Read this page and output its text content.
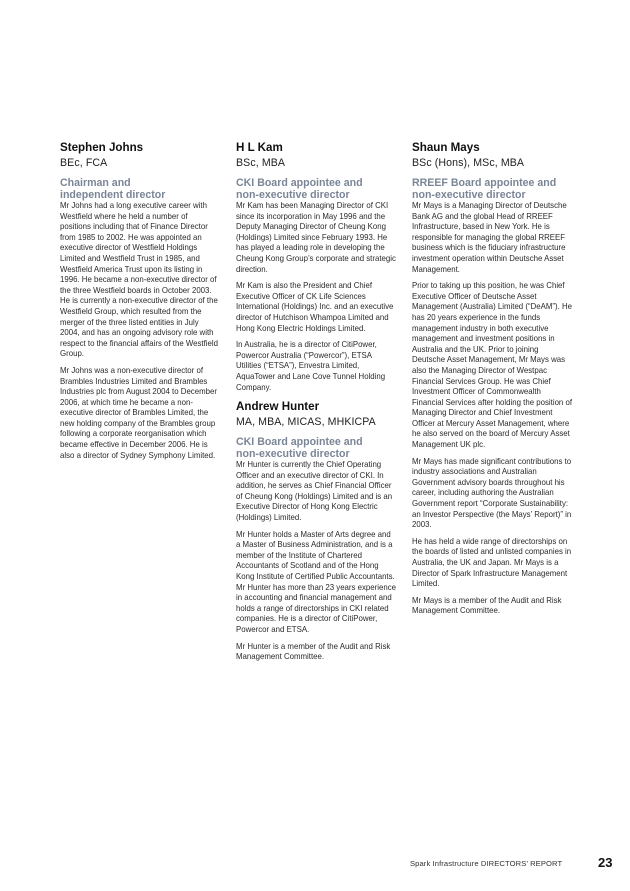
Stephen Johns
BEc, FCA
Chairman and
independent director

Mr Johns had a long executive career with Westfield where he held a number of positions including that of Finance Director from 1985 to 2002. He was appointed an executive director of Westfield Holdings Limited and Westfield Trust in 1985, and Westfield America Trust upon its listing in 1996. He became a non-executive director of the three Westfield boards in October 2003. He is currently a non-executive director of the Westfield Group, which resulted from the merger of the three listed entities in July 2004, and has an ongoing advisory role with respect to the financial affairs of the Westfield Group.

Mr Johns was a non-executive director of Brambles Industries Limited and Brambles Industries plc from August 2004 to December 2006, at which time he became a non-executive director of Brambles Limited, the new holding company of the Brambles group following a corporate reorganisation which became effective in December 2006. He is also a director of Sydney Symphony Limited.

H L Kam
BSc, MBA
CKI Board appointee and
non-executive director

Mr Kam has been Managing Director of CKI since its incorporation in May 1996 and the Deputy Managing Director of Cheung Kong (Holdings) Limited since February 1993. He has played a leading role in developing the Cheung Kong Group’s corporate and strategic direction.

Mr Kam is also the President and Chief Executive Officer of CK Life Sciences International (Holdings) Inc. and an executive director of Hutchison Whampoa Limited and Hong Kong Electric Holdings Limited.

In Australia, he is a director of CitiPower, Powercor Australia (“Powercor”), ETSA Utilities (“ETSA”), Envestra Limited, AquaTower and Lane Cove Tunnel Holding Company.

Andrew Hunter
MA, MBA, MICAS, MHKICPA
CKI Board appointee and
non-executive director

Mr Hunter is currently the Chief Operating Officer and an executive director of CKI. In addition, he serves as Chief Financial Officer of Cheung Kong (Holdings) Limited and is an Executive Director of Hong Kong Electric (Holdings) Limited.

Mr Hunter holds a Master of Arts degree and a Master of Business Administration, and is a member of the Institute of Chartered Accountants of Scotland and of the Hong Kong Institute of Certified Public Accountants. Mr Hunter has more than 23 years experience in accounting and financial management and holds a range of directorships in CKI related companies. He is a director of CitiPower, Powercor and ETSA.

Mr Hunter is a member of the Audit and Risk Management Committee.

Shaun Mays
BSc (Hons), MSc, MBA
RREEF Board appointee and
non-executive director

Mr Mays is a Managing Director of Deutsche Bank AG and the global Head of RREEF Infrastructure, based in New York. He is responsible for managing the global RREEF business which is the fiduciary infrastructure investment operation within Deutsche Asset Management.

Prior to taking up this position, he was Chief Executive Officer of Deutsche Asset Management (Australia) Limited (“DeAM”). He has 20 years experience in the funds management industry in both executive management and investment positions in Australia and the UK. Prior to joining Deutsche Asset Management, Mr Mays was also the Managing Director of Westpac Financial Services Group. He was Chief Investment Officer of Commonwealth Financial Services after holding the position of Managing Director and Chief Investment Officer at Mercury Asset Management, where he also served on the board of Mercury Asset Management UK plc.

Mr Mays has made significant contributions to industry associations and Australian Government advisory boards throughout his career, including authoring the Australian Government report “Corporate Sustainability: an Investor Perspective (the Mays’ Report)” in 2003.

He has held a wide range of directorships on the boards of listed and unlisted companies in Australia, the UK and Japan. Mr Mays is a Director of Spark Infrastructure Management Limited.

Mr Mays is a member of the Audit and Risk Management Committee.

Spark Infrastructure DIRECTORS’ REPORT	23
